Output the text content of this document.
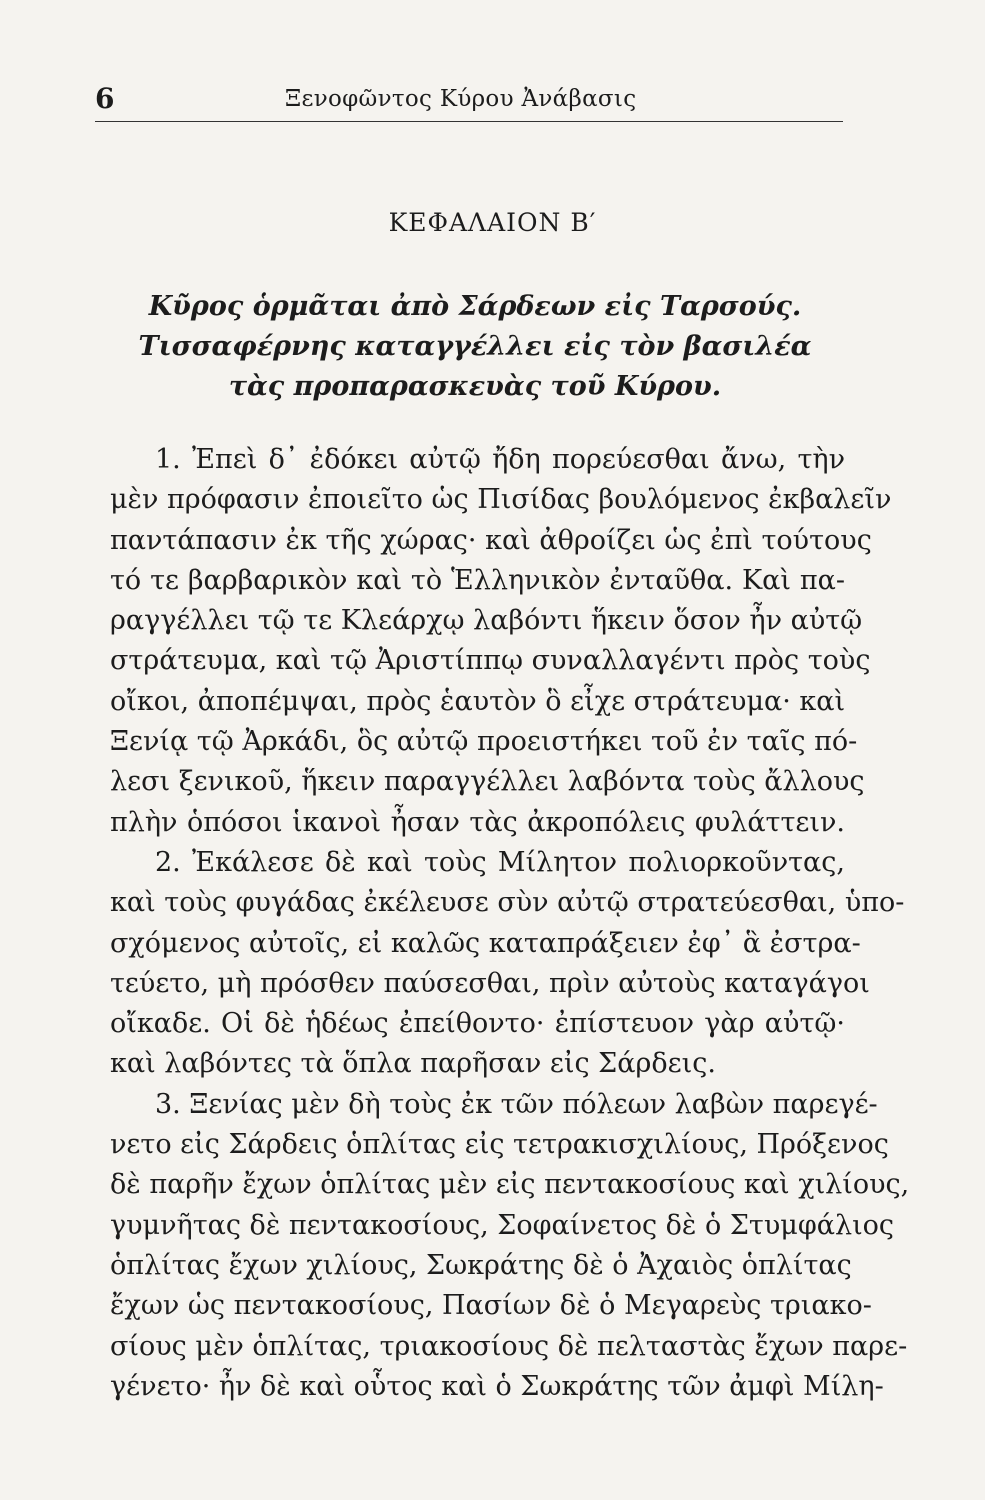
6	Ξενοφῶντος Κύρου Ἀνάβασις
ΚΕΦΑΛΑΙΟΝ Β′
Κῦρος ὁρμᾶται ἀπὸ Σάρδεων εἰς Ταρσούς.
Τισσαφέρνης καταγγέλλει εἰς τὸν βασιλέα
τὰς προπαρασκευὰς τοῦ Κύρου.
1. Ἐπεὶ δ᾽ ἐδόκει αὐτῷ ἤδη πορεύεσθαι ἄνω, τὴν
μὲν πρόφασιν ἐποιεῖτο ὡς Πισίδας βουλόμενος ἐκβαλεῖν
παντάπασιν ἐκ τῆς χώρας· καὶ ἀθροίζει ὡς ἐπὶ τούτους
τό τε βαρβαρικὸν καὶ τὸ Ἑλληνικὸν ἐνταῦθα. Καὶ πα-
ραγγέλλει τῷ τε Κλεάρχῳ λαβόντι ἥκειν ὅσον ἦν αὐτῷ
στράτευμα, καὶ τῷ Ἀριστίππῳ συναλλαγέντι πρὸς τοὺς
οἴκοι, ἀποπέμψαι, πρὸς ἑαυτὸν ὃ εἶχε στράτευμα· καὶ
Ξενίᾳ τῷ Ἀρκάδι, ὃς αὐτῷ προειστήκει τοῦ ἐν ταῖς πό-
λεσι ξενικοῦ, ἥκειν παραγγέλλει λαβόντα τοὺς ἄλλους
πλὴν ὁπόσοι ἱκανοὶ ἦσαν τὰς ἀκροπόλεις φυλάττειν.
2. Ἐκάλεσε δὲ καὶ τοὺς Μίλητον πολιορκοῦντας,
καὶ τοὺς φυγάδας ἐκέλευσε σὺν αὐτῷ στρατεύεσθαι, ὑπο-
σχόμενος αὐτοῖς, εἰ καλῶς καταπράξειεν ἐφ᾽ ἃ ἐστρα-
τεύετο, μὴ πρόσθεν παύσεσθαι, πρὶν αὐτοὺς καταγάγοι
οἴκαδε. Οἱ δὲ ἡδέως ἐπείθοντο· ἐπίστευον γὰρ αὐτῷ·
καὶ λαβόντες τὰ ὅπλα παρῆσαν εἰς Σάρδεις.
3. Ξενίας μὲν δὴ τοὺς ἐκ τῶν πόλεων λαβὼν παρεγέ-
νετο εἰς Σάρδεις ὁπλίτας εἰς τετρακισχιλίους, Πρόξενος
δὲ παρῆν ἔχων ὁπλίτας μὲν εἰς πεντακοσίους καὶ χιλίους,
γυμνῆτας δὲ πεντακοσίους, Σοφαίνετος δὲ ὁ Στυμφάλιος
ὁπλίτας ἔχων χιλίους, Σωκράτης δὲ ὁ Ἀχαιὸς ὁπλίτας
ἔχων ὡς πεντακοσίους, Πασίων δὲ ὁ Μεγαρεὺς τριακο-
σίους μὲν ὁπλίτας, τριακοσίους δὲ πελταστὰς ἔχων παρε-
γένετο· ἦν δὲ καὶ οὗτος καὶ ὁ Σωκράτης τῶν ἀμφὶ Μίλη-
